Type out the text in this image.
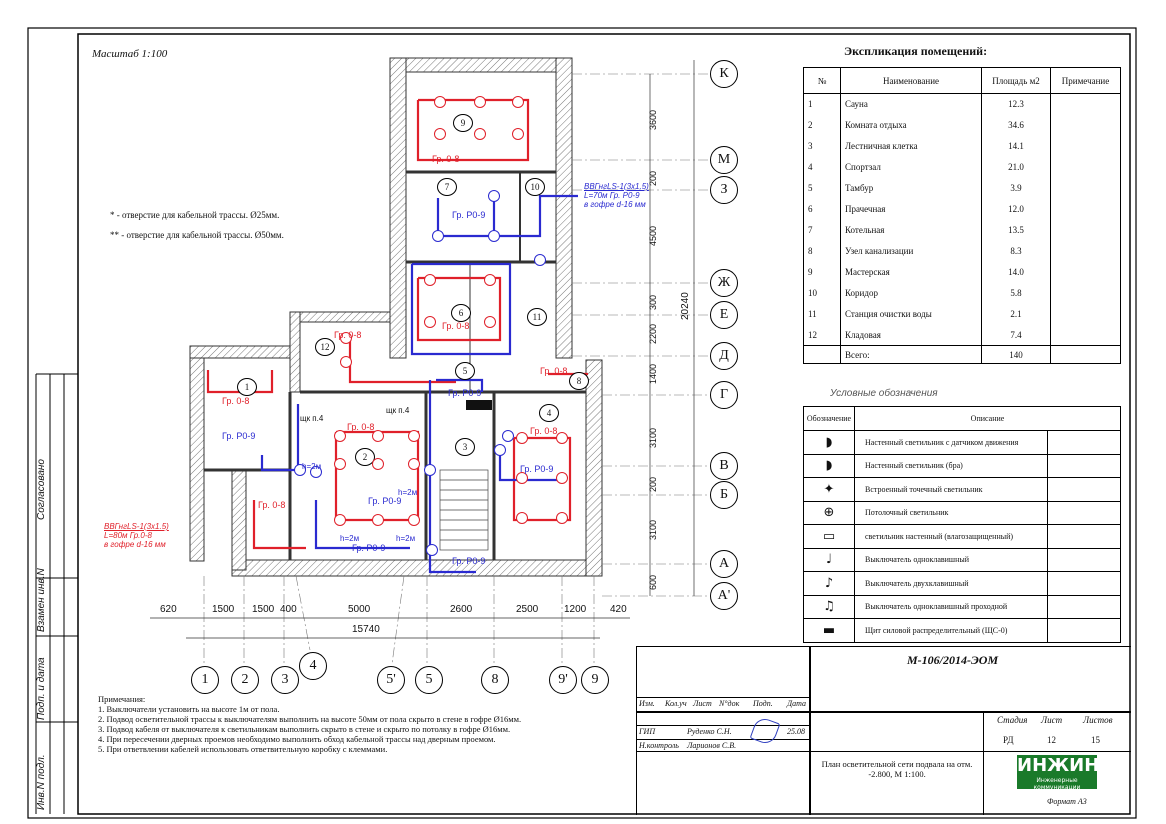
Масштаб 1:100
* - отверстие для кабельной трассы. Ø25мм.
** - отверстие для кабельной трассы. Ø50мм.
1
2
3
4
5
6
7
8
9
10
11
12
Гр. 0-8
Гр. Р0-9
Гр. 0-8
Гр. 0-8
Гр. 0-8
Гр. 0-8	Гр. 0-8
Гр. 0-8
Гр. 0-8
Гр. Р0-9
Гр. Р0-9
Гр. Р0-9
Гр. Р0-9
Гр. Р0-9
Гр. Р0-9
щк п.4
щк п.4
h=2м
h=2м
h=2м	h=2м
ВВГнгLS-1(3х1.5)
L=70м Гр. Р0-9
в гофре d-16 мм
ВВГнгLS-1(3х1.5)
L=80м Гр.0-8
в гофре d-16 мм
К
М
З
Ж
Е
Д
Г
В
Б
А
А'
1	2	3
4
5'	5	8	9'	9
620	1500 1500 400	5000	2600	2500	1200 420
3600
200
4500
300
2200
1400
3100
200
3100
600
15740
20240
Экспликация помещений:
№	Наименование	Площадь м2	Примечание
1	Сауна	12.3	
2	Комната отдыха	34.6	
3	Лестничная клетка	14.1	
4	Спортзал	21.0	
5	Тамбур	3.9	
6	Прачечная	12.0	
7	Котельная	13.5	
8	Узел канализации	8.3	
9	Мастерская	14.0	
10	Коридор	5.8	
11	Станция очистки воды	2.1	
12	Кладовая	7.4	
	Всего:	140	
Условные обозначения
Обозначение	Описание	
◗	Настенный светильник с датчиком движения	
◗	Настенный светильник (бра)	
✦	Встроенный точечный светильник	
⊕	Потолочный светильник	
▭	светильник настенный (влагозащищенный)	
♩	Выключатель одноклавишный	
♪	Выключатель двухклавишный	
♫	Выключатель одноклавишный проходной	
▬	Щит силовой распределительный (ЩС-0)	
Примечания:
1. Выключатели установить на высоте 1м от пола.
2. Подвод осветительной трассы к выключателям выполнить на высоте 50мм от пола скрыто в стене в гофре Ø16мм.
3. Подвод кабеля от выключателя к светильникам выполнить скрыто в стене и скрыто по потолку в гофре Ø16мм.
4. При пересечении дверных проемов необходимо выполнить обход кабельной трассы над дверным проемом.
5. При ответвлении кабелей использовать ответвительную коробку с клеммами.
Согласовано
Взамен инв.N
Подп. и дата
Инв.N подл.
М-106/2014-ЭОМ
Изм. Кол.уч Лист N°док Подп. Дата
ГИП	Руденко С.Н.	25.08
Н.контроль Ларионов С.В.
Стадия Лист Листов
РД	12	15
План осветительной сети подвала на отм. -2.800, М 1:100.	ИНЖИН
Инженерные коммуникации
Формат А3
